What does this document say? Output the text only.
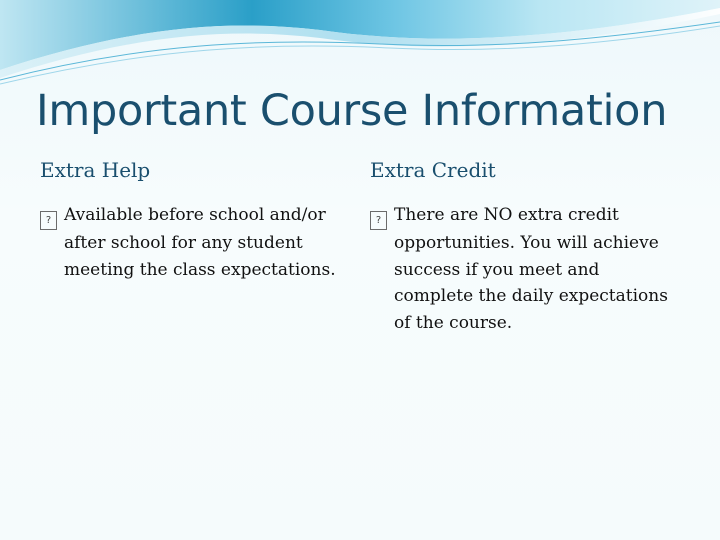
Important Course Information
Extra Help

? Available before school and/or after school for any student meeting the class expectations.

Extra Credit

? There are NO extra credit opportunities. You will achieve success if you meet and complete the daily expectations of the course.
